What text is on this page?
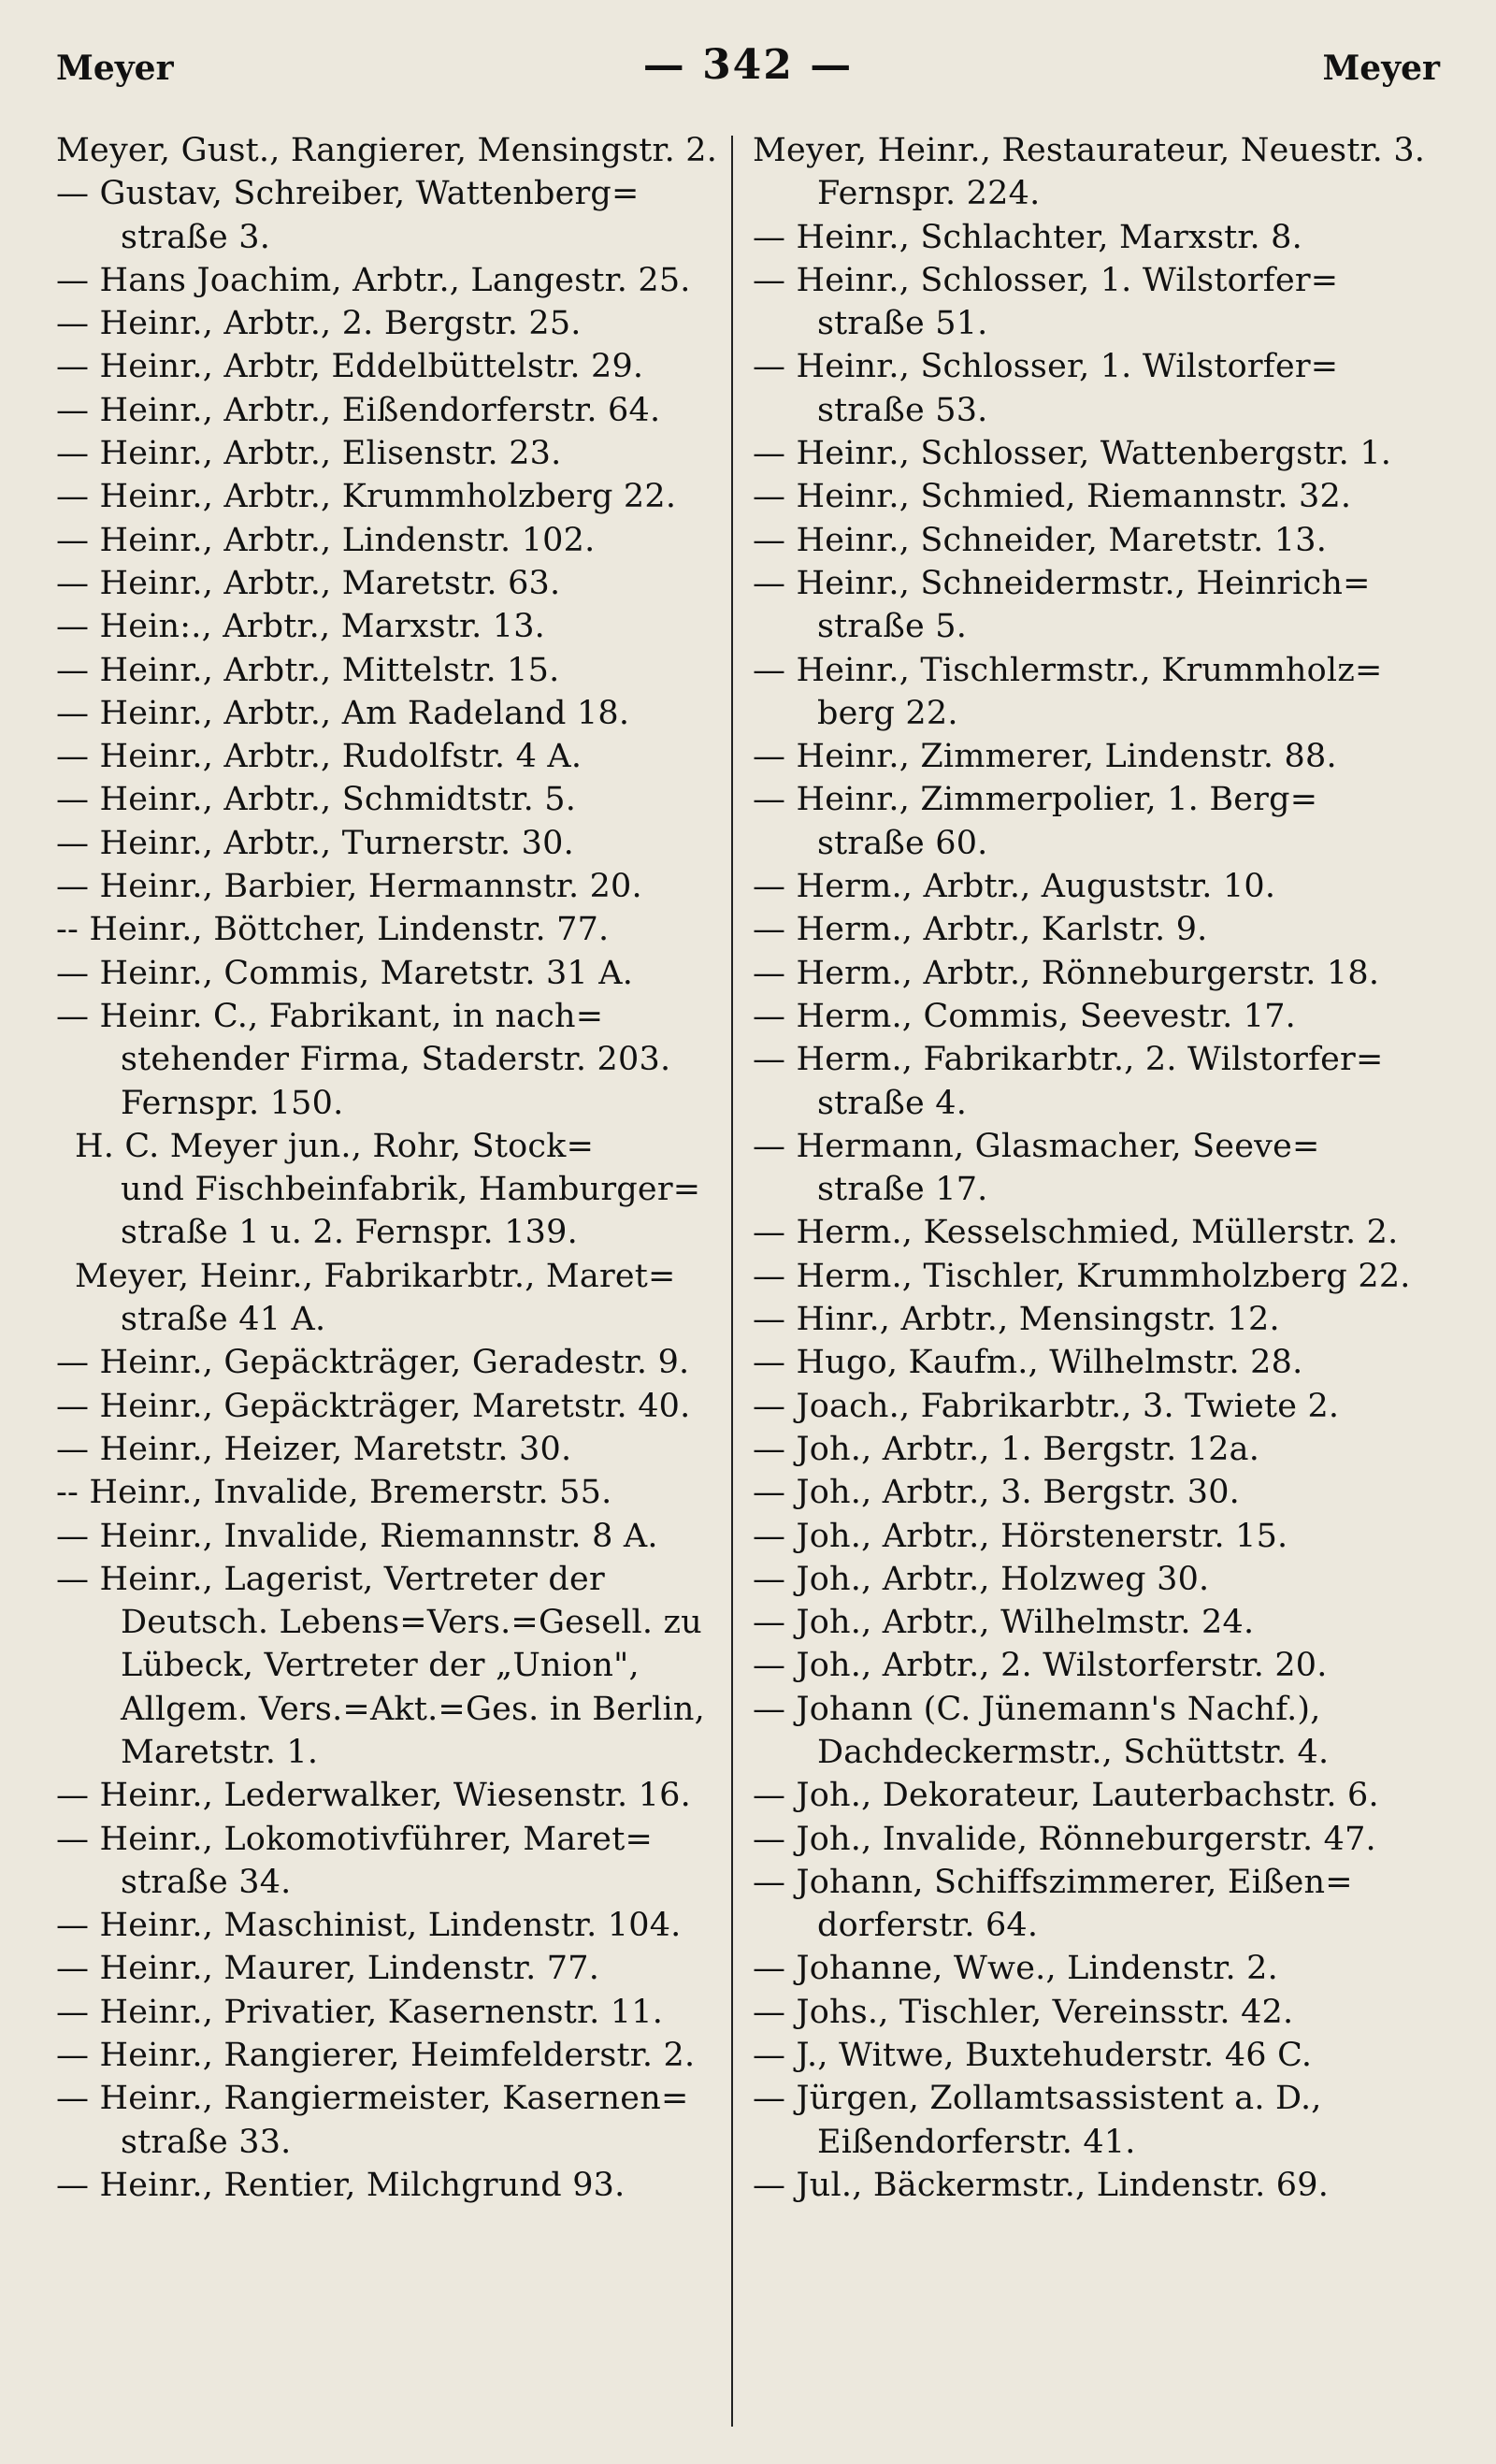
Meyer	— 342 —	Meyer
Meyer, Gust., Rangierer, Mensingstr. 2.
— Gustav, Schreiber, Wattenberg=
straße 3.
— Hans Joachim, Arbtr., Langestr. 25.
— Heinr., Arbtr., 2. Bergstr. 25.
— Heinr., Arbtr, Eddelbüttelstr. 29.
— Heinr., Arbtr., Eißendorferstr. 64.
— Heinr., Arbtr., Elisenstr. 23.
— Heinr., Arbtr., Krummholzberg 22.
— Heinr., Arbtr., Lindenstr. 102.
— Heinr., Arbtr., Maretstr. 63.
— Hein:., Arbtr., Marxstr. 13.
— Heinr., Arbtr., Mittelstr. 15.
— Heinr., Arbtr., Am Radeland 18.
— Heinr., Arbtr., Rudolfstr. 4 A.
— Heinr., Arbtr., Schmidtstr. 5.
— Heinr., Arbtr., Turnerstr. 30.
— Heinr., Barbier, Hermannstr. 20.
-- Heinr., Böttcher, Lindenstr. 77.
— Heinr., Commis, Maretstr. 31 A.
— Heinr. C., Fabrikant, in nach=
stehender Firma, Staderstr. 203.
Fernspr. 150.
H. C. Meyer jun., Rohr, Stock=
und Fischbeinfabrik, Hamburger=
straße 1 u. 2. Fernspr. 139.
Meyer, Heinr., Fabrikarbtr., Maret=
straße 41 A.
— Heinr., Gepäckträger, Geradestr. 9.
— Heinr., Gepäckträger, Maretstr. 40.
— Heinr., Heizer, Maretstr. 30.
-- Heinr., Invalide, Bremerstr. 55.
— Heinr., Invalide, Riemannstr. 8 A.
— Heinr., Lagerist, Vertreter der
Deutsch. Lebens=Vers.=Gesell. zu
Lübeck, Vertreter der „Union",
Allgem. Vers.=Akt.=Ges. in Berlin,
Maretstr. 1.
— Heinr., Lederwalker, Wiesenstr. 16.
— Heinr., Lokomotivführer, Maret=
straße 34.
— Heinr., Maschinist, Lindenstr. 104.
— Heinr., Maurer, Lindenstr. 77.
— Heinr., Privatier, Kasernenstr. 11.
— Heinr., Rangierer, Heimfelderstr. 2.
— Heinr., Rangiermeister, Kasernen=
straße 33.
— Heinr., Rentier, Milchgrund 93.
Meyer, Heinr., Restaurateur, Neuestr. 3.
Fernspr. 224.
— Heinr., Schlachter, Marxstr. 8.
— Heinr., Schlosser, 1. Wilstorfer=
straße 51.
— Heinr., Schlosser, 1. Wilstorfer=
straße 53.
— Heinr., Schlosser, Wattenbergstr. 1.
— Heinr., Schmied, Riemannstr. 32.
— Heinr., Schneider, Maretstr. 13.
— Heinr., Schneidermstr., Heinrich=
straße 5.
— Heinr., Tischlermstr., Krummholz=
berg 22.
— Heinr., Zimmerer, Lindenstr. 88.
— Heinr., Zimmerpolier, 1. Berg=
straße 60.
— Herm., Arbtr., Auguststr. 10.
— Herm., Arbtr., Karlstr. 9.
— Herm., Arbtr., Rönneburgerstr. 18.
— Herm., Commis, Seevestr. 17.
— Herm., Fabrikarbtr., 2. Wilstorfer=
straße 4.
— Hermann, Glasmacher, Seeve=
straße 17.
— Herm., Kesselschmied, Müllerstr. 2.
— Herm., Tischler, Krummholzberg 22.
— Hinr., Arbtr., Mensingstr. 12.
— Hugo, Kaufm., Wilhelmstr. 28.
— Joach., Fabrikarbtr., 3. Twiete 2.
— Joh., Arbtr., 1. Bergstr. 12a.
— Joh., Arbtr., 3. Bergstr. 30.
— Joh., Arbtr., Hörstenerstr. 15.
— Joh., Arbtr., Holzweg 30.
— Joh., Arbtr., Wilhelmstr. 24.
— Joh., Arbtr., 2. Wilstorferstr. 20.
— Johann (C. Jünemann's Nachf.),
Dachdeckermstr., Schüttstr. 4.
— Joh., Dekorateur, Lauterbachstr. 6.
— Joh., Invalide, Rönneburgerstr. 47.
— Johann, Schiffszimmerer, Eißen=
dorferstr. 64.
— Johanne, Wwe., Lindenstr. 2.
— Johs., Tischler, Vereinsstr. 42.
— J., Witwe, Buxtehuderstr. 46 C.
— Jürgen, Zollamtsassistent a. D.,
Eißendorferstr. 41.
— Jul., Bäckermstr., Lindenstr. 69.
